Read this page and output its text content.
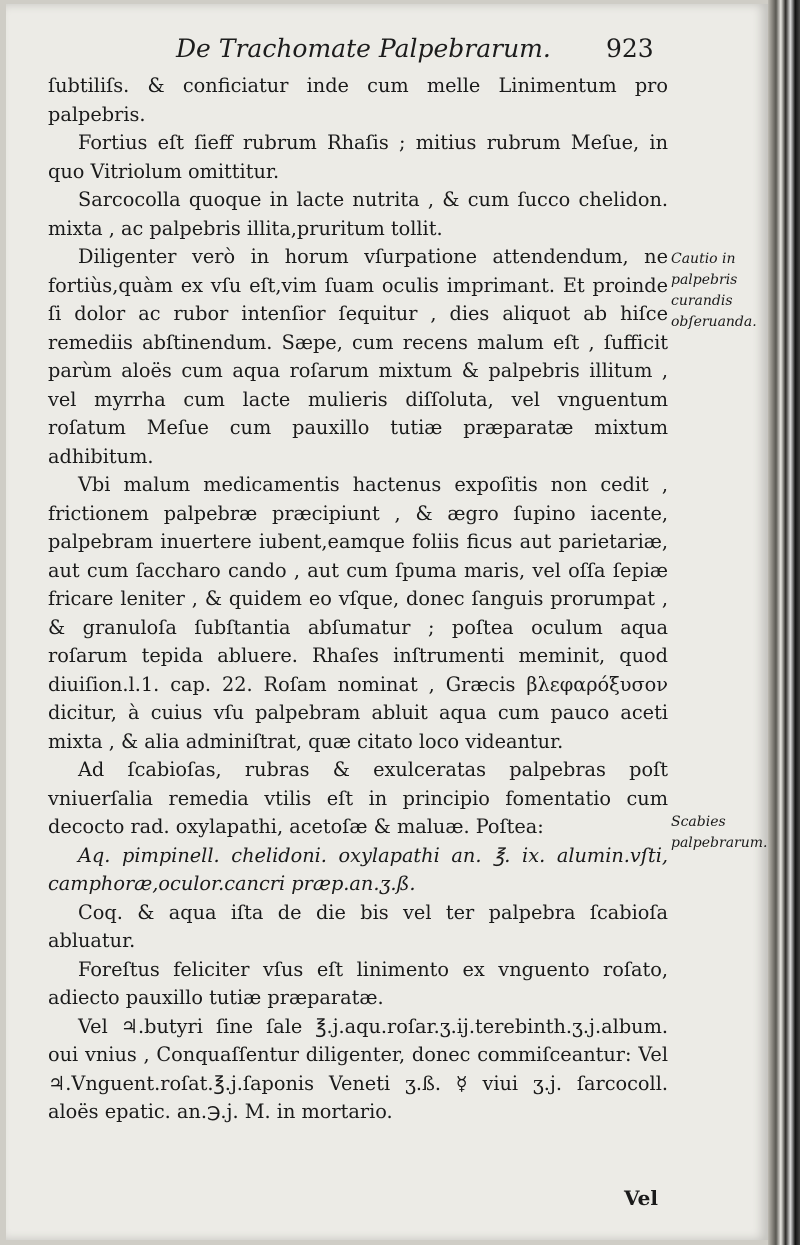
De Trachomate Palpebrarum. 923

ſubtiliſs. & conficiatur inde cum melle Linimentum pro palpebris.

Fortius eſt ſieff rubrum Rhaſis ; mitius rubrum Meſue, in quo Vitriolum omittitur.

Sarcocolla quoque in lacte nutrita , & cum ſucco chelidon. mixta , ac palpebris illita,pruritum tollit.

Diligenter verò in horum vſurpatione attendendum, ne fortiùs,quàm ex vſu eſt,vim ſuam oculis imprimant. Et proinde ſi dolor ac rubor intenſior ſequitur , dies aliquot ab hiſce remediis abſtinendum. Sæpe, cum recens malum eſt , ſufficit parùm aloës cum aqua roſarum mixtum & palpebris illitum , vel myrrha cum lacte mulieris diſſoluta, vel vnguentum roſatum Meſue cum pauxillo tutiæ præparatæ mixtum adhibitum.

Vbi malum medicamentis hactenus expoſitis non cedit , frictionem palpebræ præcipiunt , & ægro ſupino iacente, palpebram inuertere iubent,eamque foliis ficus aut parietariæ, aut cum ſaccharo cando , aut cum ſpuma maris, vel oſſa ſepiæ fricare leniter , & quidem eo vſque, donec ſanguis prorumpat , & granuloſa ſubſtantia abſumatur ; poſtea oculum aqua roſarum tepida abluere. Rhaſes inſtrumenti meminit, quod diuiſion.l.1. cap. 22. Roſam nominat , Græcis βλεφαρόξυσον dicitur, à cuius vſu palpebram abluit aqua cum pauco aceti mixta , & alia adminiſtrat, quæ citato loco videantur.

Ad ſcabioſas, rubras & exulceratas palpebras poſt vniuerſalia remedia vtilis eſt in principio fomentatio cum decocto rad. oxylapathi, acetoſæ & maluæ. Poſtea:

Aq. pimpinell. chelidoni. oxylapathi an. ℥. ix. alumin.vſti, camphoræ,oculor.cancri præp.an.ʒ.ß.

Coq. & aqua iſta de die bis vel ter palpebra ſcabioſa abluatur.

Foreſtus feliciter vſus eſt linimento ex vnguento roſato, adiecto pauxillo tutiæ præparatæ.

Vel ♃.butyri ſine ſale ℥.j.aqu.roſar.ʒ.ij.terebinth.ʒ.j.album. oui vnius , Conquaſſentur diligenter, donec commiſceantur: Vel ♃.Vnguent.roſat.℥.j.ſaponis Veneti ʒ.ß. ☿ viui ʒ.j. ſarcocoll. aloës epatic. an.℈.j. M. in mortario.

Cautio in palpebris curandis obſeruanda.
Scabies palpebrarum.
Vel
